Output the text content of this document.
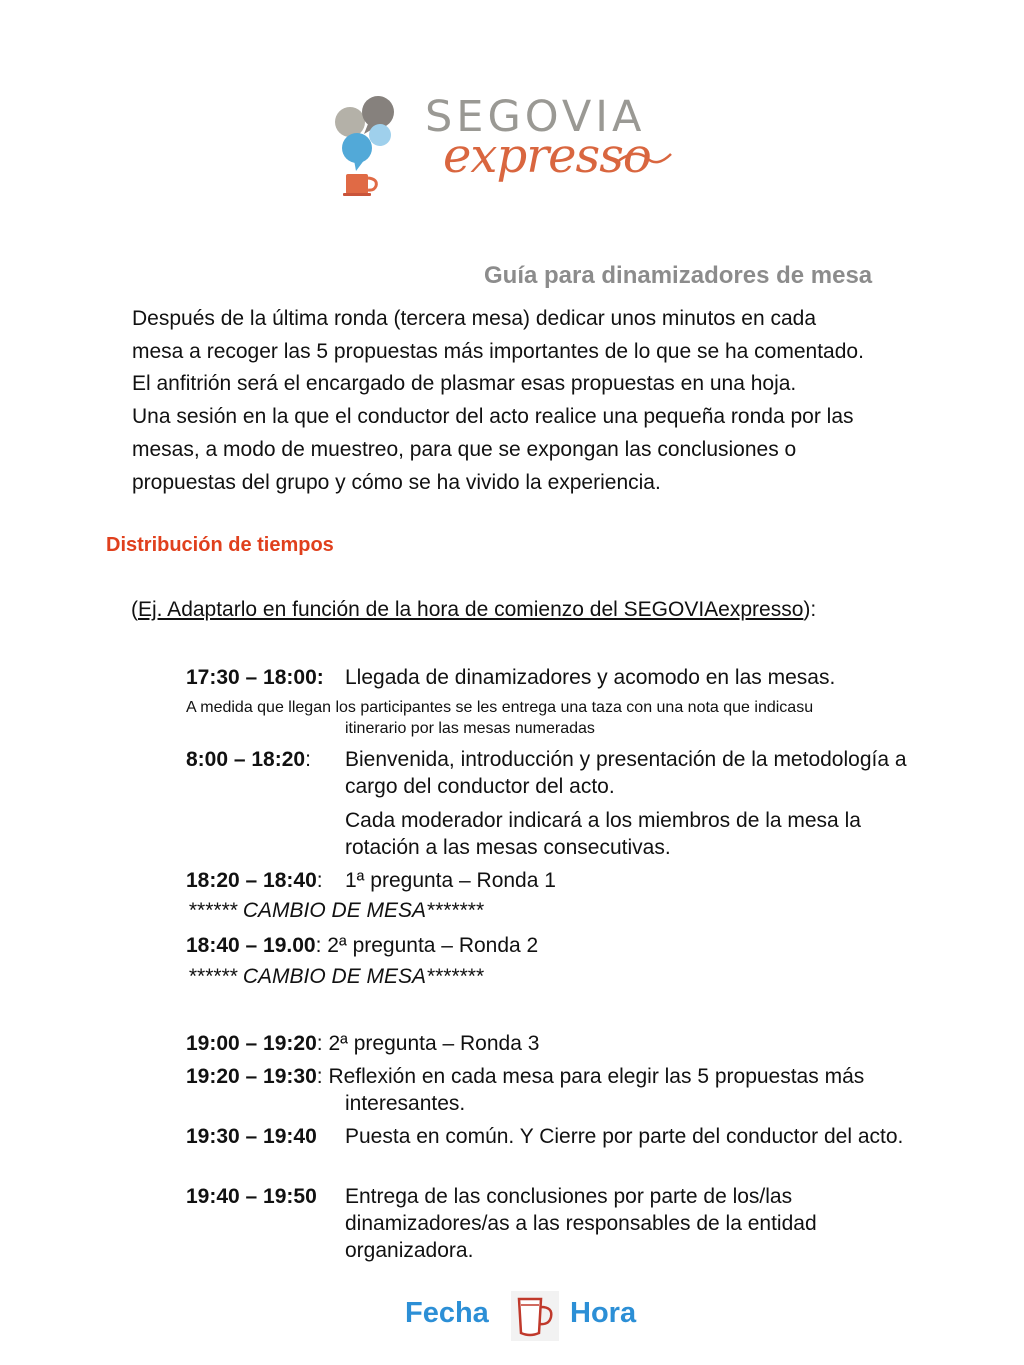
SEGOVIA
expresso
Guía para dinamizadores de mesa

Después de la última ronda (tercera mesa) dedicar unos minutos en cada

mesa a recoger las 5 propuestas más importantes de lo que se ha comentado.

El anfitrión será el encargado de plasmar esas propuestas en una hoja.

Una sesión en la que el conductor del acto realice una pequeña ronda por las

mesas, a modo de muestreo, para que se expongan las conclusiones o

propuestas del grupo y cómo se ha vivido la experiencia.

Distribución de tiempos
(Ej. Adaptarlo en función de la hora de comienzo del SEGOVIAexpresso):
17:30 – 18:00: Llegada de dinamizadores y acomodo en las mesas.
A medida que llegan los participantes se les entrega una taza con una nota que indicasu
itinerario por las mesas numeradas
8:00 – 18:20: Bienvenida, introducción y presentación de la metodología a
cargo del conductor del acto.
Cada moderador indicará a los miembros de la mesa la
rotación a las mesas consecutivas.
18:20 – 18:40: 1ª pregunta – Ronda 1
****** CAMBIO DE MESA*******
18:40 – 19.00: 2ª pregunta – Ronda 2
****** CAMBIO DE MESA*******
19:00 – 19:20: 2ª pregunta – Ronda 3
19:20 – 19:30: Reflexión en cada mesa para elegir las 5 propuestas más
interesantes.
19:30 – 19:40 Puesta en común. Y Cierre por parte del conductor del acto.
19:40 – 19:50 Entrega de las conclusiones por parte de los/las
dinamizadores/as a las responsables de la entidad
organizadora.
Fecha	Hora
